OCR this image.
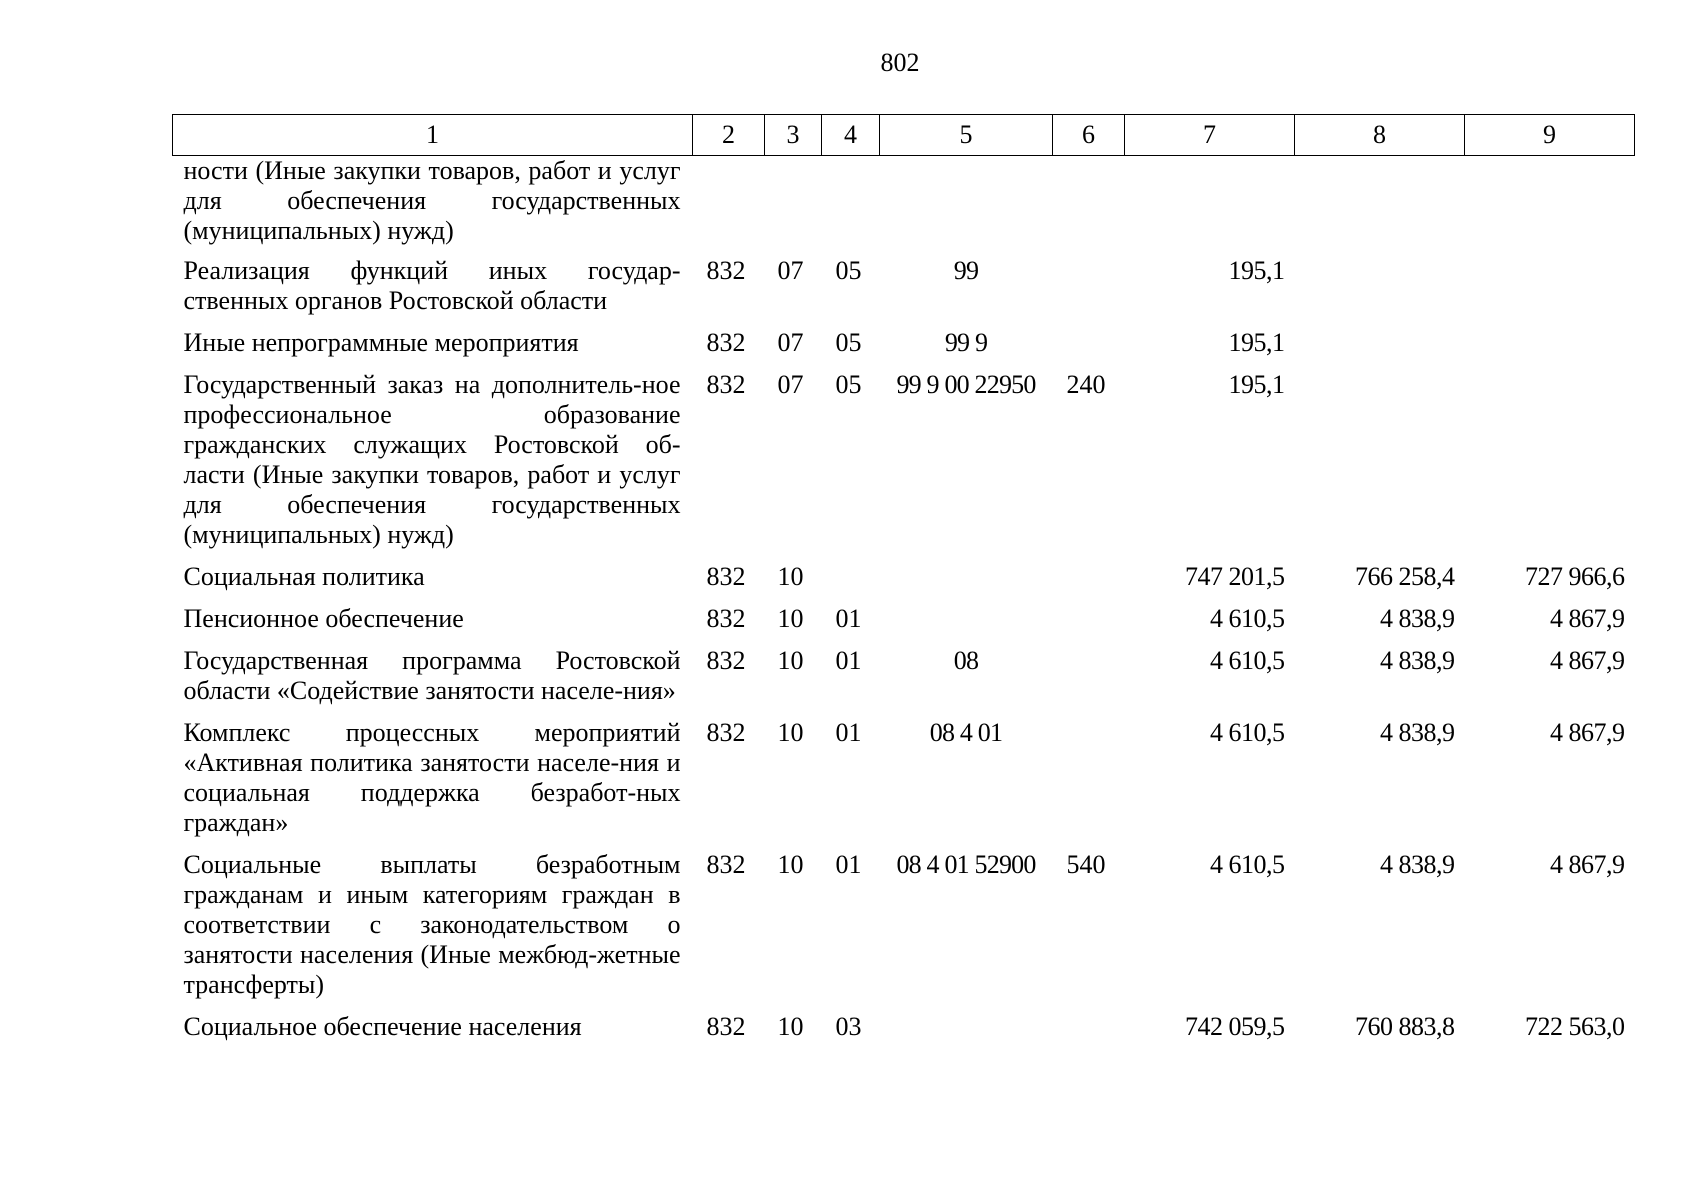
802
1	2	3	4	5	6	7	8	9
ности (Иные закупки товаров, работ и услуг для обеспечения государственных (муниципальных) нужд)								
Реализация функций иных государ-ственных органов Ростовской области	832	07	05	99		195,1		
Иные непрограммные мероприятия	832	07	05	99 9		195,1		
Государственный заказ на дополнитель-ное профессиональное образование гражданских служащих Ростовской об-ласти (Иные закупки товаров, работ и услуг для обеспечения государственных (муниципальных) нужд)	832	07	05	99 9 00 22950	240	195,1		
Социальная политика	832	10				747 201,5	766 258,4	727 966,6
Пенсионное обеспечение	832	10	01			4 610,5	4 838,9	4 867,9
Государственная программа Ростовской области «Содействие занятости населе-ния»	832	10	01	08		4 610,5	4 838,9	4 867,9
Комплекс процессных мероприятий «Активная политика занятости населе-ния и социальная поддержка безработ-ных граждан»	832	10	01	08 4 01		4 610,5	4 838,9	4 867,9
Социальные выплаты безработным гражданам и иным категориям граждан в соответствии с законодательством о занятости населения (Иные межбюд-жетные трансферты)	832	10	01	08 4 01 52900	540	4 610,5	4 838,9	4 867,9
Социальное обеспечение населения	832	10	03			742 059,5	760 883,8	722 563,0
